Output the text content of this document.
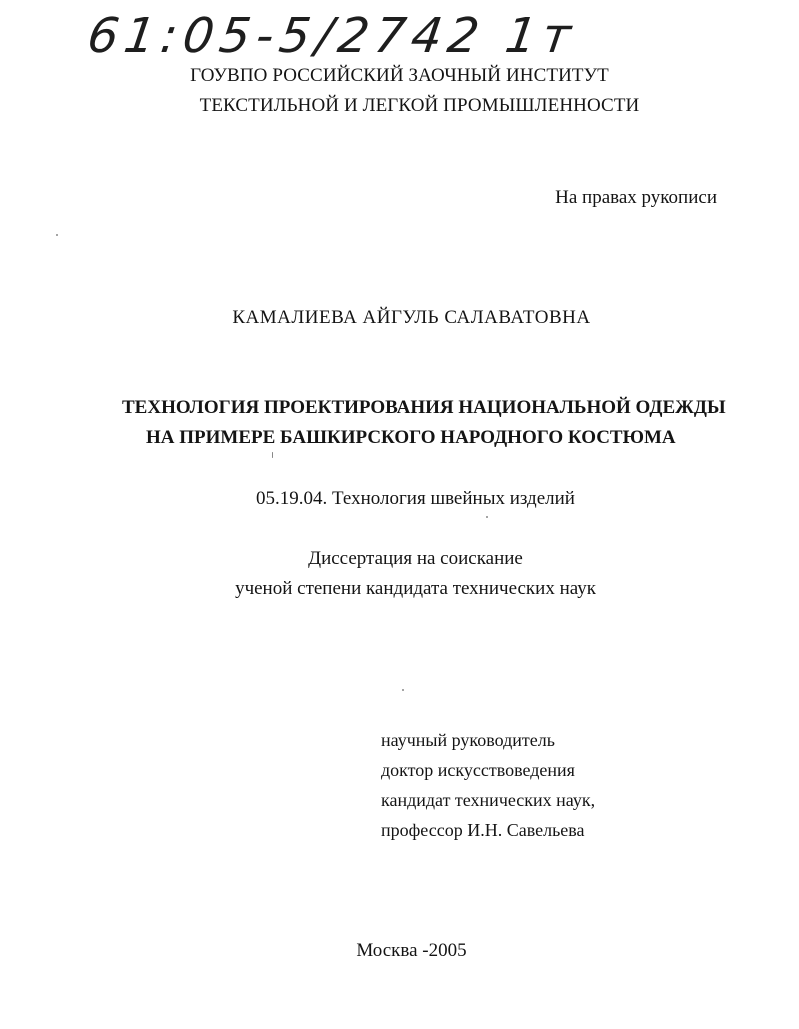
61:05-5/2742 1т
ГОУВПО РОССИЙСКИЙ ЗАОЧНЫЙ ИНСТИТУТ
ТЕКСТИЛЬНОЙ И ЛЕГКОЙ ПРОМЫШЛЕННОСТИ
На правах рукописи
КАМАЛИЕВА АЙГУЛЬ САЛАВАТОВНА
ТЕХНОЛОГИЯ ПРОЕКТИРОВАНИЯ НАЦИОНАЛЬНОЙ ОДЕЖДЫ
НА ПРИМЕРЕ БАШКИРСКОГО НАРОДНОГО КОСТЮМА
05.19.04. Технология швейных изделий
Диссертация на соискание
ученой степени кандидата технических наук
научный руководитель
доктор искусствоведения
кандидат технических наук,
профессор И.Н. Савельева
Москва -2005
